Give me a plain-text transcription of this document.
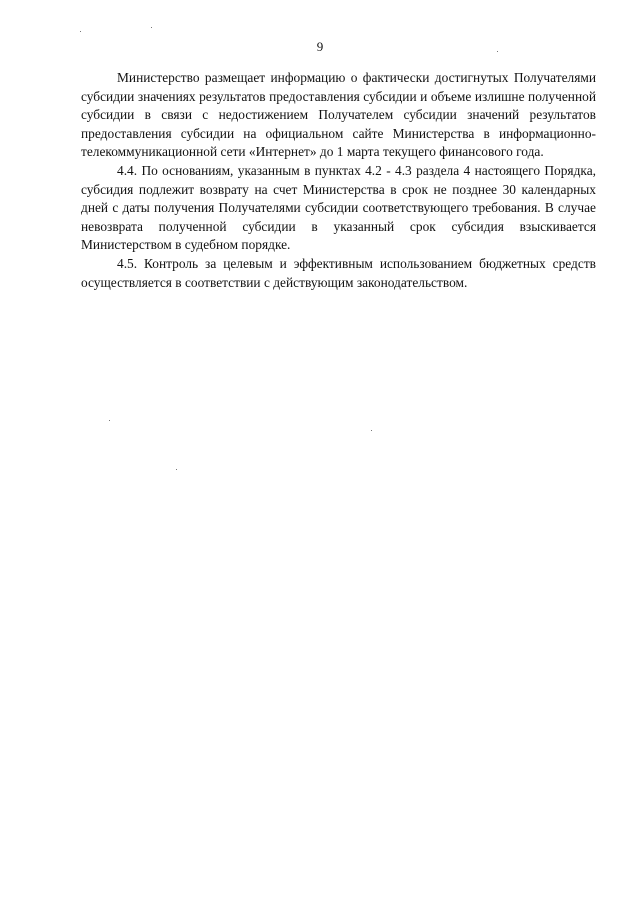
9

Министерство размещает информацию о фактически достигнутых Получателями субсидии значениях результатов предоставления субсидии и объеме излишне полученной субсидии в связи с недостижением Получателем субсидии значений результатов предоставления субсидии на официальном сайте Министерства в информационно-телекоммуникационной сети «Интернет» до 1 марта текущего финансового года.

4.4. По основаниям, указанным в пунктах 4.2 - 4.3 раздела 4 настоящего Порядка, субсидия подлежит возврату на счет Министерства в срок не позднее 30 календарных дней с даты получения Получателями субсидии соответствующего требования. В случае невозврата полученной субсидии в указанный срок субсидия взыскивается Министерством в судебном порядке.

4.5. Контроль за целевым и эффективным использованием бюджетных средств осуществляется в соответствии с действующим законодательством.
